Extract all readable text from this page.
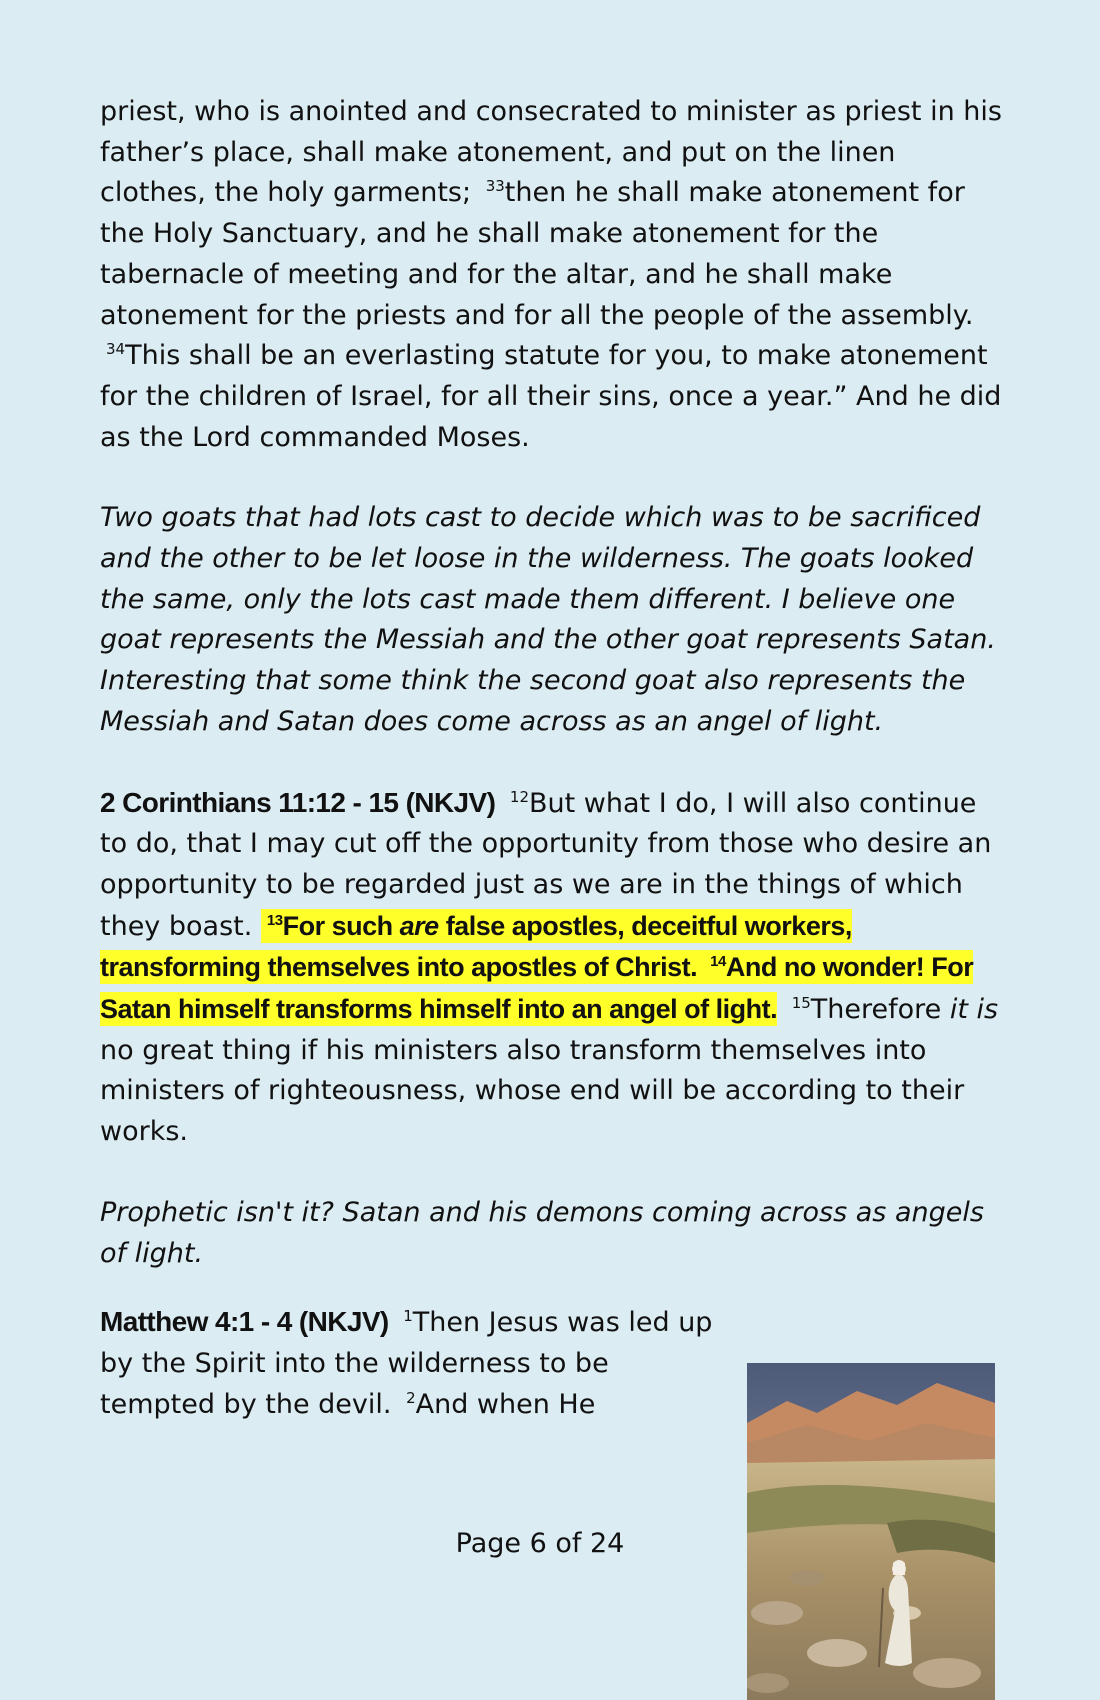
priest, who is anointed and consecrated to minister as priest in his father’s place, shall make atonement, and put on the linen clothes, the holy garments; $^{33}$then he shall make atonement for the Holy Sanctuary, and he shall make atonement for the tabernacle of meeting and for the altar, and he shall make atonement for the priests and for all the people of the assembly. $^{34}$This shall be an everlasting statute for you, to make atonement for the children of Israel, for all their sins, once a year.” And he did as the Lord commanded Moses.

Two goats that had lots cast to decide which was to be sacrificed and the other to be let loose in the wilderness. The goats looked the same, only the lots cast made them different. I believe one goat represents the Messiah and the other goat represents Satan. Interesting that some think the second goat also represents the Messiah and Satan does come across as an angel of light.

2 Corinthians 11:12 - 15 (NKJV) $^{12}$But what I do, I will also continue to do, that I may cut off the opportunity from those who desire an opportunity to be regarded just as we are in the things of which they boast. $^{13}$For such are false apostles, deceitful workers, transforming themselves into apostles of Christ. $^{14}$And no wonder! For Satan himself transforms himself into an angel of light. $^{15}$Therefore it is no great thing if his ministers also transform themselves into ministers of righteousness, whose end will be according to their works.

Prophetic isn't it? Satan and his demons coming across as angels of light.

Matthew 4:1 - 4 (NKJV) $^1$Then Jesus was led up by the Spirit into the wilderness to be tempted by the devil. $^2$And when He

Page 6 of 24
